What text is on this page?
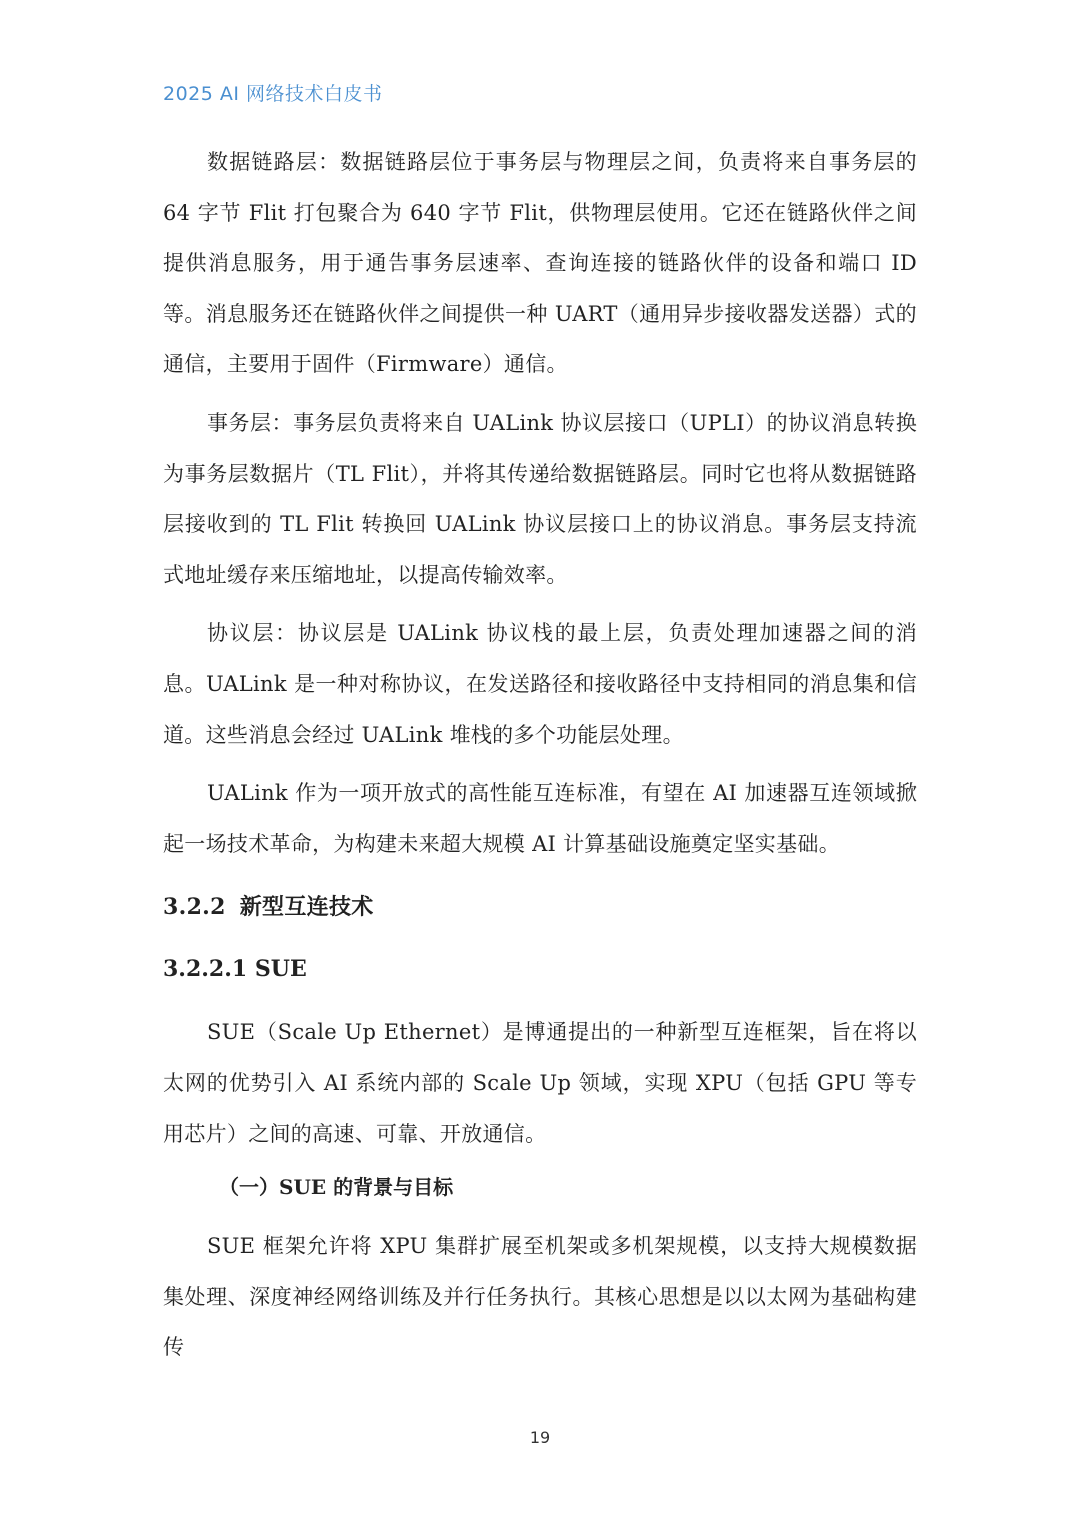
2025 AI 网络技术白皮书

数据链路层：数据链路层位于事务层与物理层之间，负责将来自事务层的 64 字节 Flit 打包聚合为 640 字节 Flit，供物理层使用。它还在链路伙伴之间提供消息服务，用于通告事务层速率、查询连接的链路伙伴的设备和端口 ID 等。消息服务还在链路伙伴之间提供一种 UART（通用异步接收器发送器）式的通信，主要用于固件（Firmware）通信。

事务层：事务层负责将来自 UALink 协议层接口（UPLI）的协议消息转换为事务层数据片（TL Flit），并将其传递给数据链路层。同时它也将从数据链路层接收到的 TL Flit 转换回 UALink 协议层接口上的协议消息。事务层支持流式地址缓存来压缩地址，以提高传输效率。

协议层：协议层是 UALink 协议栈的最上层，负责处理加速器之间的消息。UALink 是一种对称协议，在发送路径和接收路径中支持相同的消息集和信道。这些消息会经过 UALink 堆栈的多个功能层处理。

UALink 作为一项开放式的高性能互连标准，有望在 AI 加速器互连领域掀起一场技术革命，为构建未来超大规模 AI 计算基础设施奠定坚实基础。

3.2.2 新型互连技术
3.2.2.1 SUE

SUE（Scale Up Ethernet）是博通提出的一种新型互连框架，旨在将以太网的优势引入 AI 系统内部的 Scale Up 领域，实现 XPU（包括 GPU 等专用芯片）之间的高速、可靠、开放通信。

（一）SUE 的背景与目标

SUE 框架允许将 XPU 集群扩展至机架或多机架规模，以支持大规模数据集处理、深度神经网络训练及并行任务执行。其核心思想是以以太网为基础构建传

19
